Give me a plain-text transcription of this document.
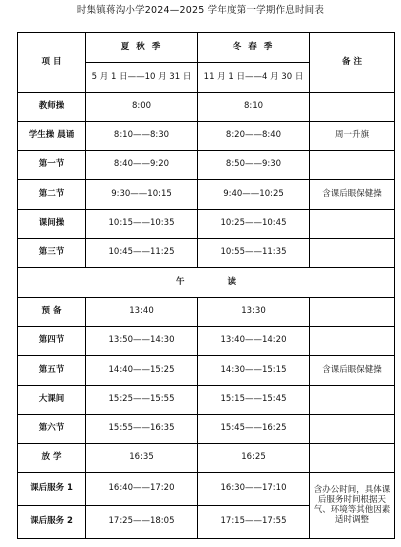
时集镇蒋沟小学2024—2025 学年度第一学期作息时间表
项 目	夏 秋 季	冬 春 季	备 注
	5 月 1 日——10 月 31 日	11 月 1 日——4 月 30 日	
教师操	8:00	8:10	
学生操 晨诵	8:10——8:30	8:20——8:40	周一升旗
第一节	8:40——9:20	8:50——9:30	
第二节	9:30——10:15	9:40——10:25	含课后眼保健操
课间操	10:15——10:35	10:25——10:45	
第三节	10:45——11:25	10:55——11:35	
午 读			
预 备	13:40	13:30	
第四节	13:50——14:30	13:40——14:20	
第五节	14:40——15:25	14:30——15:15	含课后眼保健操
大课间	15:25——15:55	15:15——15:45	
第六节	15:55——16:35	15:45——16:25	
放 学	16:35	16:25	
课后服务 1	16:40——17:20	16:30——17:10	含办公时间，具体课后服务时间根据天气、环境等其他因素适时调整
课后服务 2	17:25——18:05	17:15——17:55	
